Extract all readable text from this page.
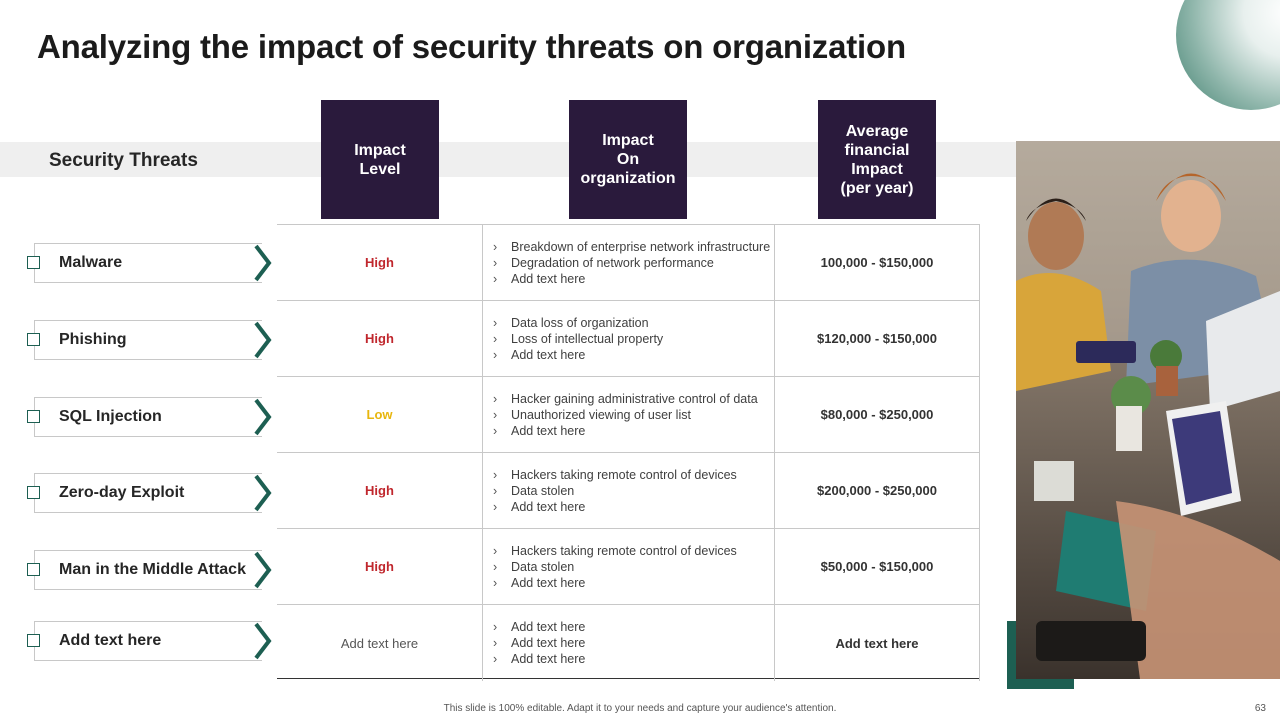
Analyzing the impact of security threats on organization
Security Threats	Impact
Level
Impact
On
organization
Average
financial
Impact
(per year)
Malware
Phishing
SQL Injection
Zero-day Exploit
Man in the Middle Attack
Add text here
High
› Breakdown of enterprise network infrastructure
› Degradation of network performance
› Add text here
100,000 - $150,000
High
› Data loss of organization
› Loss of intellectual property
› Add text here
$120,000 - $150,000
Low
› Hacker gaining administrative control of data
› Unauthorized viewing of user list
› Add text here
$80,000 - $250,000
High
› Hackers taking remote control of devices
› Data stolen
› Add text here
$200,000 - $250,000
High
› Hackers taking remote control of devices
› Data stolen
› Add text here
$50,000 - $150,000
Add text here
› Add text here
› Add text here
› Add text here
Add text here
This slide is 100% editable. Adapt it to your needs and capture your audience's attention.	63
